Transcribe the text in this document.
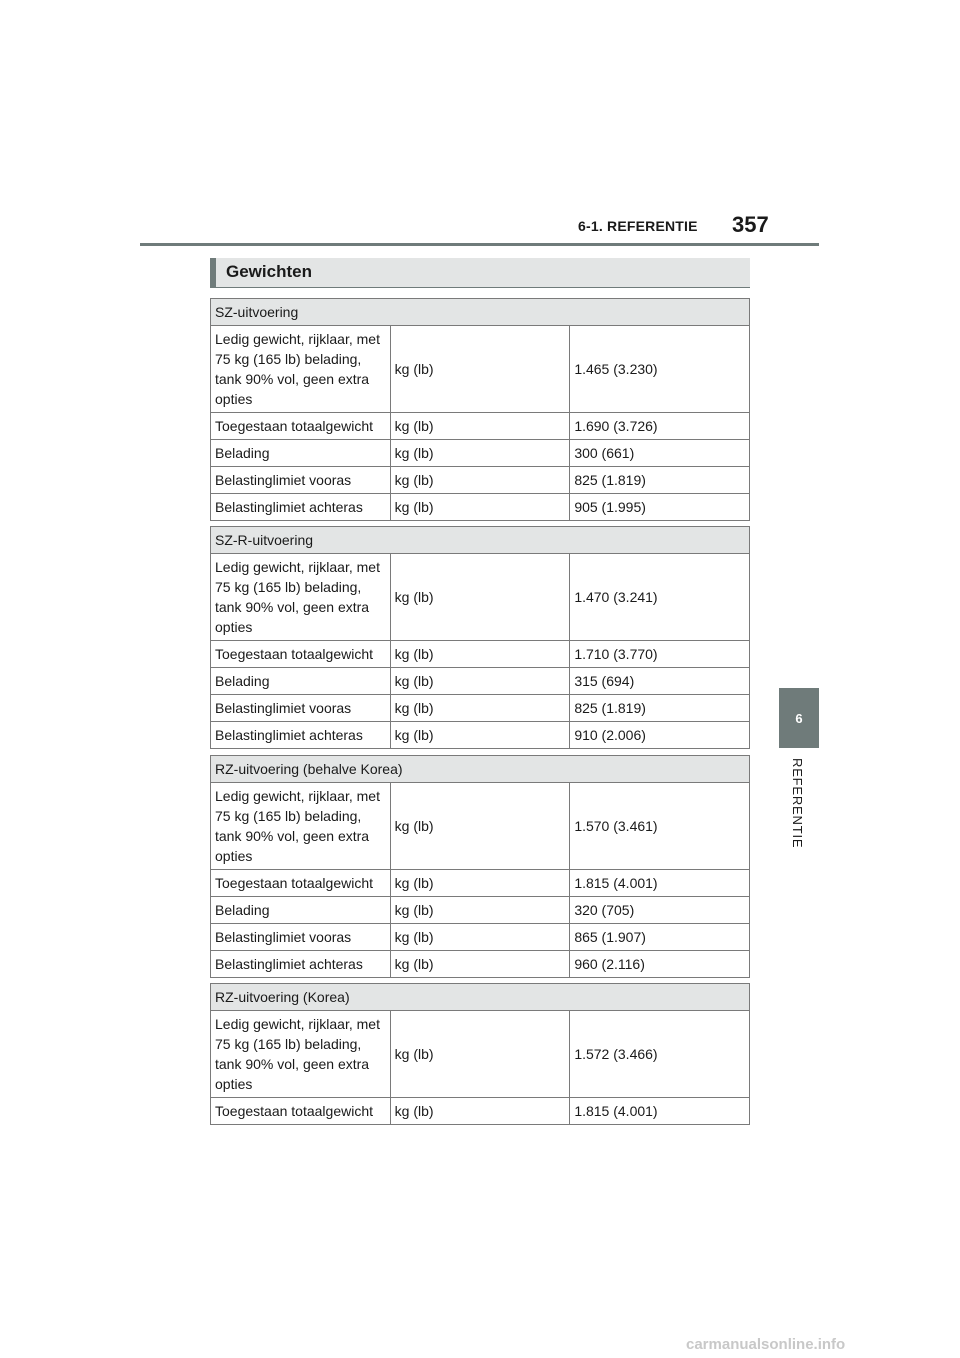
6-1. REFERENTIE 357
6
REFERENTIE
Gewichten
SZ-uitvoering		
Ledig gewicht, rijklaar, met 75 kg (165 lb) belading, tank 90% vol, geen extra opties	kg (lb)	1.465 (3.230)
Toegestaan totaalgewicht	kg (lb)	1.690 (3.726)
Belading	kg (lb)	300 (661)
Belastinglimiet vooras	kg (lb)	825 (1.819)
Belastinglimiet achteras	kg (lb)	905 (1.995)
SZ-R-uitvoering		
Ledig gewicht, rijklaar, met 75 kg (165 lb) belading, tank 90% vol, geen extra opties	kg (lb)	1.470 (3.241)
Toegestaan totaalgewicht	kg (lb)	1.710 (3.770)
Belading	kg (lb)	315 (694)
Belastinglimiet vooras	kg (lb)	825 (1.819)
Belastinglimiet achteras	kg (lb)	910 (2.006)
RZ-uitvoering (behalve Korea)		
Ledig gewicht, rijklaar, met 75 kg (165 lb) belading, tank 90% vol, geen extra opties	kg (lb)	1.570 (3.461)
Toegestaan totaalgewicht	kg (lb)	1.815 (4.001)
Belading	kg (lb)	320 (705)
Belastinglimiet vooras	kg (lb)	865 (1.907)
Belastinglimiet achteras	kg (lb)	960 (2.116)
RZ-uitvoering (Korea)		
Ledig gewicht, rijklaar, met 75 kg (165 lb) belading, tank 90% vol, geen extra opties	kg (lb)	1.572 (3.466)
Toegestaan totaalgewicht	kg (lb)	1.815 (4.001)
carmanualsonline.info
